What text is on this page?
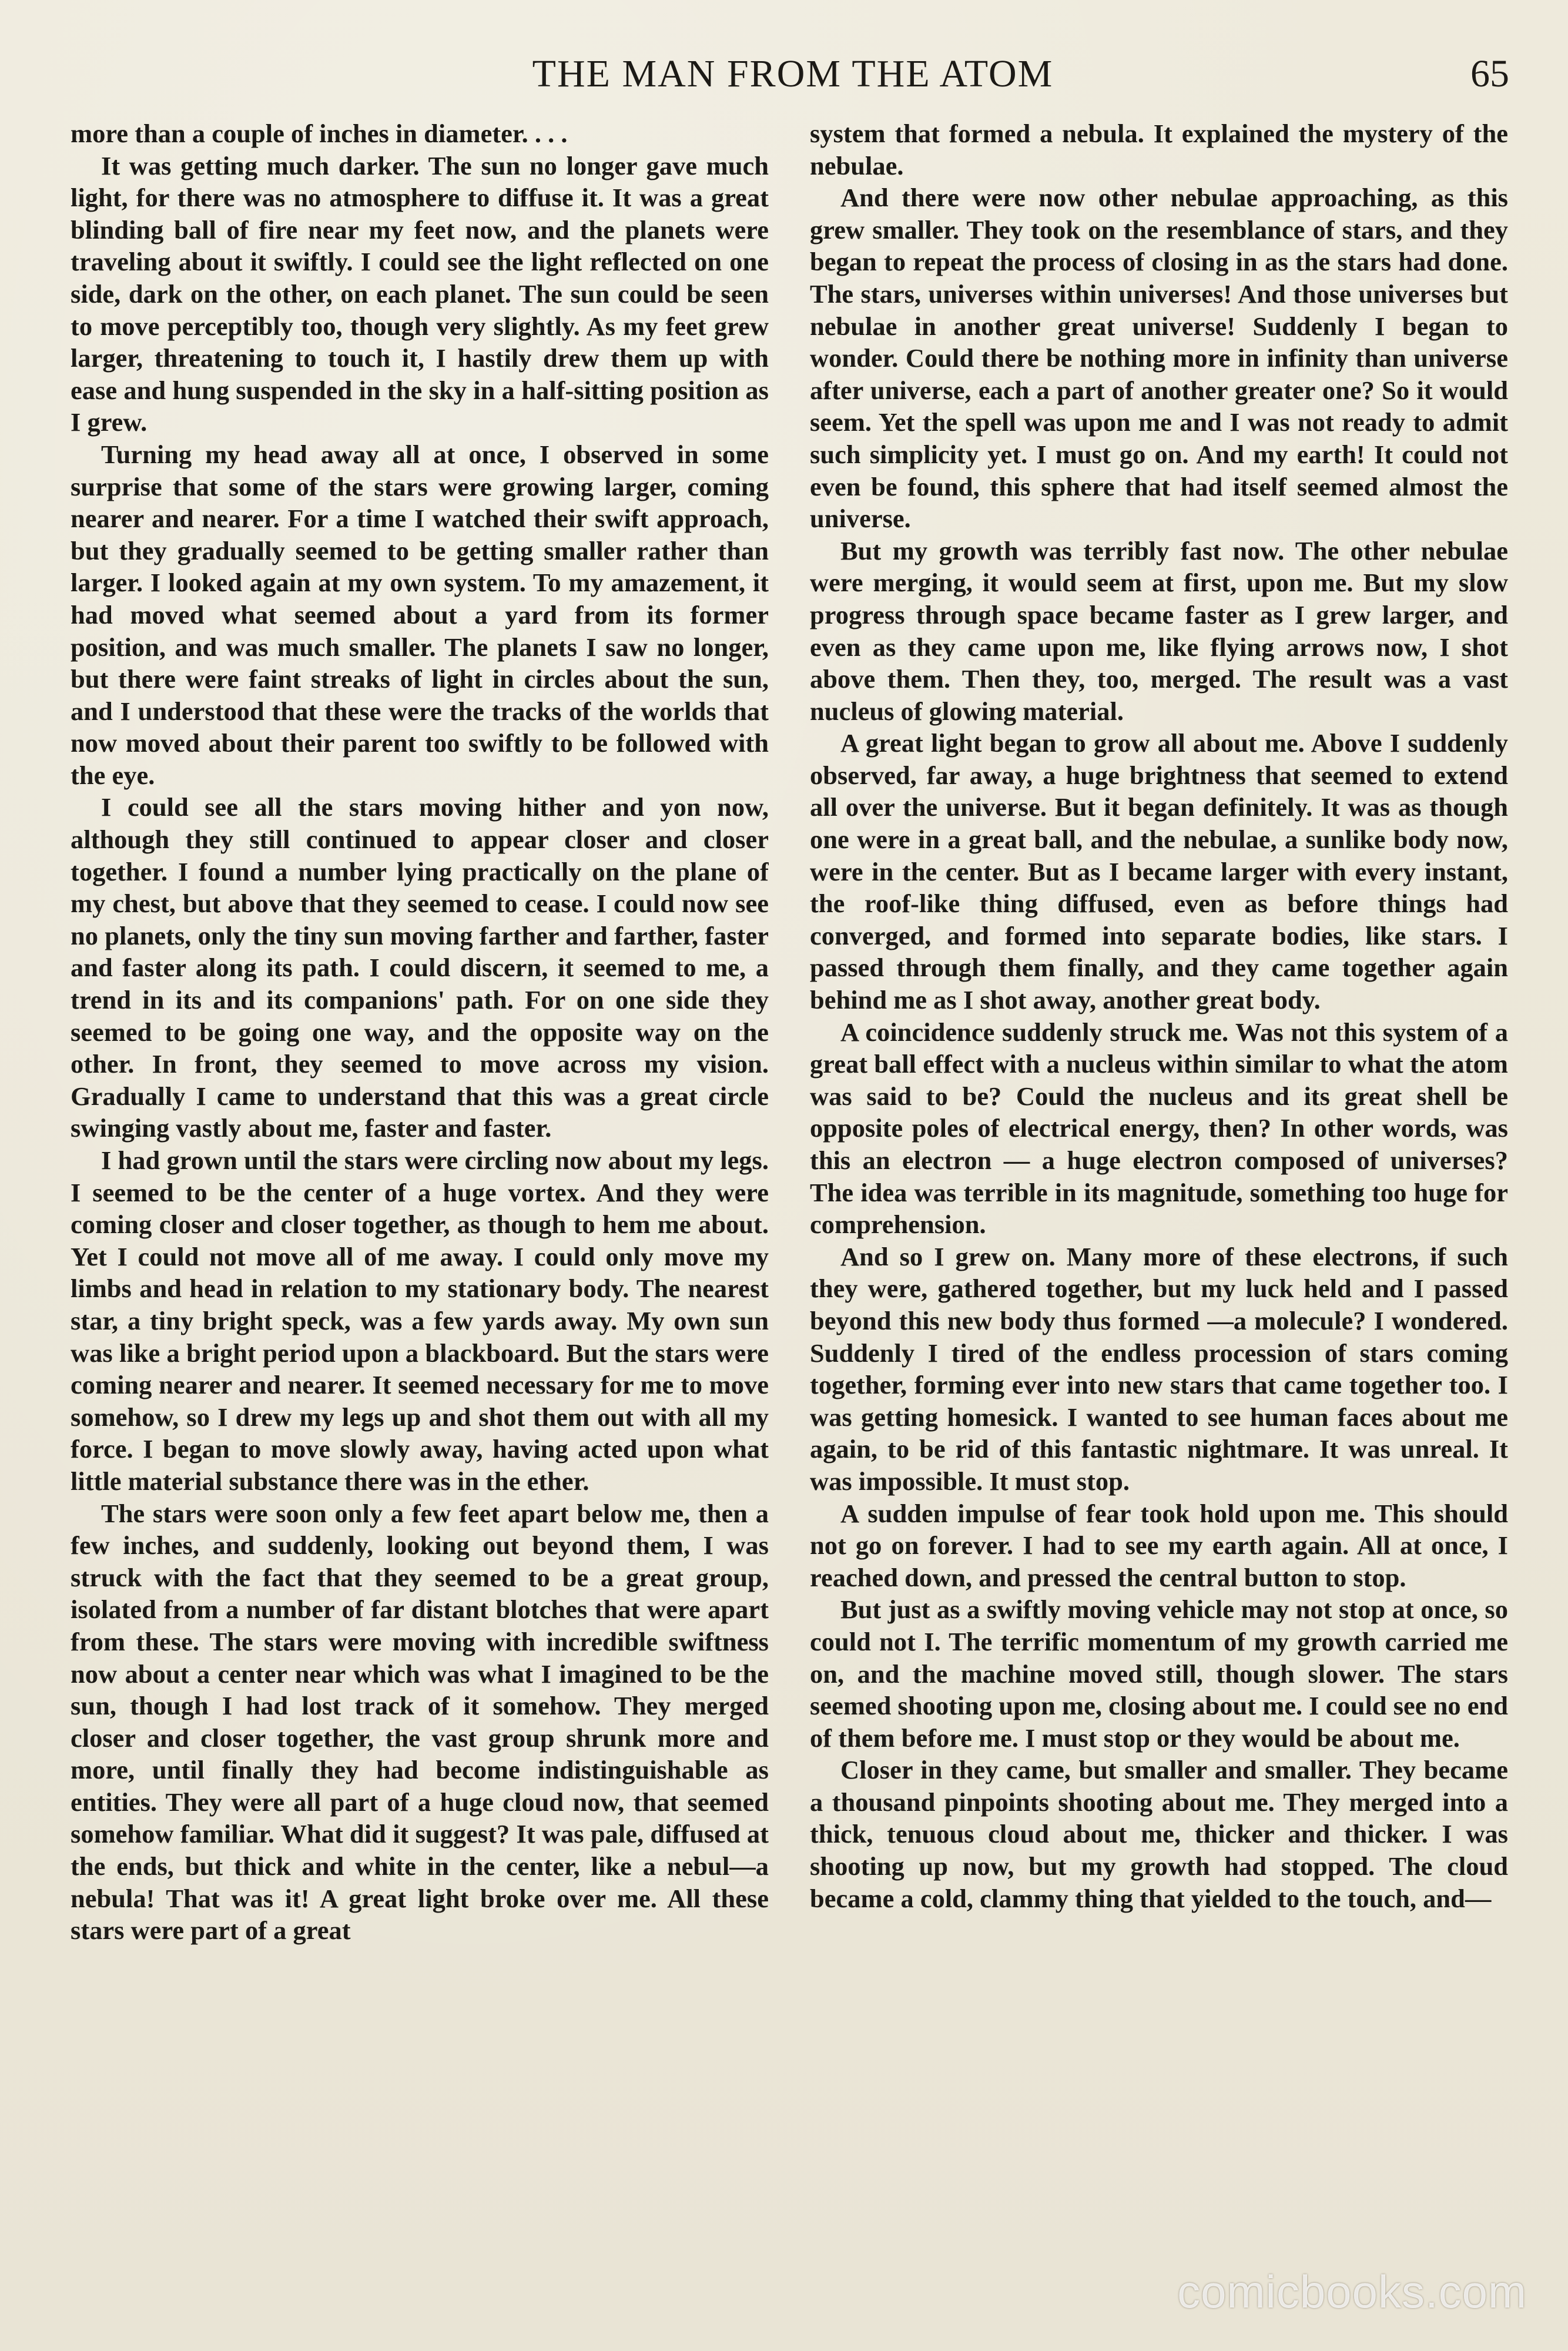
THE MAN FROM THE ATOM	65

more than a couple of inches in diameter. . . .

It was getting much darker. The sun no longer gave much light, for there was no atmosphere to diffuse it. It was a great blinding ball of fire near my feet now, and the planets were traveling about it swiftly. I could see the light reflected on one side, dark on the other, on each planet. The sun could be seen to move perceptibly too, though very slightly. As my feet grew larger, threatening to touch it, I hastily drew them up with ease and hung suspended in the sky in a half-sitting position as I grew.

Turning my head away all at once, I observed in some surprise that some of the stars were growing larger, coming nearer and nearer. For a time I watched their swift approach, but they gradually seemed to be getting smaller rather than larger. I looked again at my own system. To my amazement, it had moved what seemed about a yard from its former position, and was much smaller. The planets I saw no longer, but there were faint streaks of light in circles about the sun, and I understood that these were the tracks of the worlds that now moved about their parent too swiftly to be followed with the eye.

I could see all the stars moving hither and yon now, although they still continued to appear closer and closer together. I found a number lying practically on the plane of my chest, but above that they seemed to cease. I could now see no planets, only the tiny sun moving farther and farther, faster and faster along its path. I could discern, it seemed to me, a trend in its and its companions' path. For on one side they seemed to be going one way, and the opposite way on the other. In front, they seemed to move across my vision. Gradually I came to understand that this was a great circle swinging vastly about me, faster and faster.

I had grown until the stars were circling now about my legs. I seemed to be the center of a huge vortex. And they were coming closer and closer together, as though to hem me about. Yet I could not move all of me away. I could only move my limbs and head in relation to my stationary body. The nearest star, a tiny bright speck, was a few yards away. My own sun was like a bright period upon a blackboard. But the stars were coming nearer and nearer. It seemed necessary for me to move somehow, so I drew my legs up and shot them out with all my force. I began to move slowly away, having acted upon what little material substance there was in the ether.

The stars were soon only a few feet apart below me, then a few inches, and suddenly, looking out beyond them, I was struck with the fact that they seemed to be a great group, isolated from a number of far distant blotches that were apart from these. The stars were moving with incredible swiftness now about a center near which was what I imagined to be the sun, though I had lost track of it somehow. They merged closer and closer together, the vast group shrunk more and more, until finally they had become indistinguishable as entities. They were all part of a huge cloud now, that seemed somehow familiar. What did it suggest? It was pale, diffused at the ends, but thick and white in the center, like a nebul—a nebula! That was it! A great light broke over me. All these stars were part of a great

system that formed a nebula. It explained the mystery of the nebulae.

And there were now other nebulae approaching, as this grew smaller. They took on the resemblance of stars, and they began to repeat the process of closing in as the stars had done. The stars, universes within universes! And those universes but nebulae in another great universe! Suddenly I began to wonder. Could there be nothing more in infinity than universe after universe, each a part of another greater one? So it would seem. Yet the spell was upon me and I was not ready to admit such simplicity yet. I must go on. And my earth! It could not even be found, this sphere that had itself seemed almost the universe.

But my growth was terribly fast now. The other nebulae were merging, it would seem at first, upon me. But my slow progress through space became faster as I grew larger, and even as they came upon me, like flying arrows now, I shot above them. Then they, too, merged. The result was a vast nucleus of glowing material.

A great light began to grow all about me. Above I suddenly observed, far away, a huge brightness that seemed to extend all over the universe. But it began definitely. It was as though one were in a great ball, and the nebulae, a sunlike body now, were in the center. But as I became larger with every instant, the roof-like thing diffused, even as before things had converged, and formed into separate bodies, like stars. I passed through them finally, and they came together again behind me as I shot away, another great body.

A coincidence suddenly struck me. Was not this system of a great ball effect with a nucleus within similar to what the atom was said to be? Could the nucleus and its great shell be opposite poles of electrical energy, then? In other words, was this an electron — a huge electron composed of universes? The idea was terrible in its magnitude, something too huge for comprehension.

And so I grew on. Many more of these electrons, if such they were, gathered together, but my luck held and I passed beyond this new body thus formed —a molecule? I wondered. Suddenly I tired of the endless procession of stars coming together, forming ever into new stars that came together too. I was getting homesick. I wanted to see human faces about me again, to be rid of this fantastic nightmare. It was unreal. It was impossible. It must stop.

A sudden impulse of fear took hold upon me. This should not go on forever. I had to see my earth again. All at once, I reached down, and pressed the central button to stop.

But just as a swiftly moving vehicle may not stop at once, so could not I. The terrific momentum of my growth carried me on, and the machine moved still, though slower. The stars seemed shooting upon me, closing about me. I could see no end of them before me. I must stop or they would be about me.

Closer in they came, but smaller and smaller. They became a thousand pinpoints shooting about me. They merged into a thick, tenuous cloud about me, thicker and thicker. I was shooting up now, but my growth had stopped. The cloud became a cold, clammy thing that yielded to the touch, and—

comicbooks.com
